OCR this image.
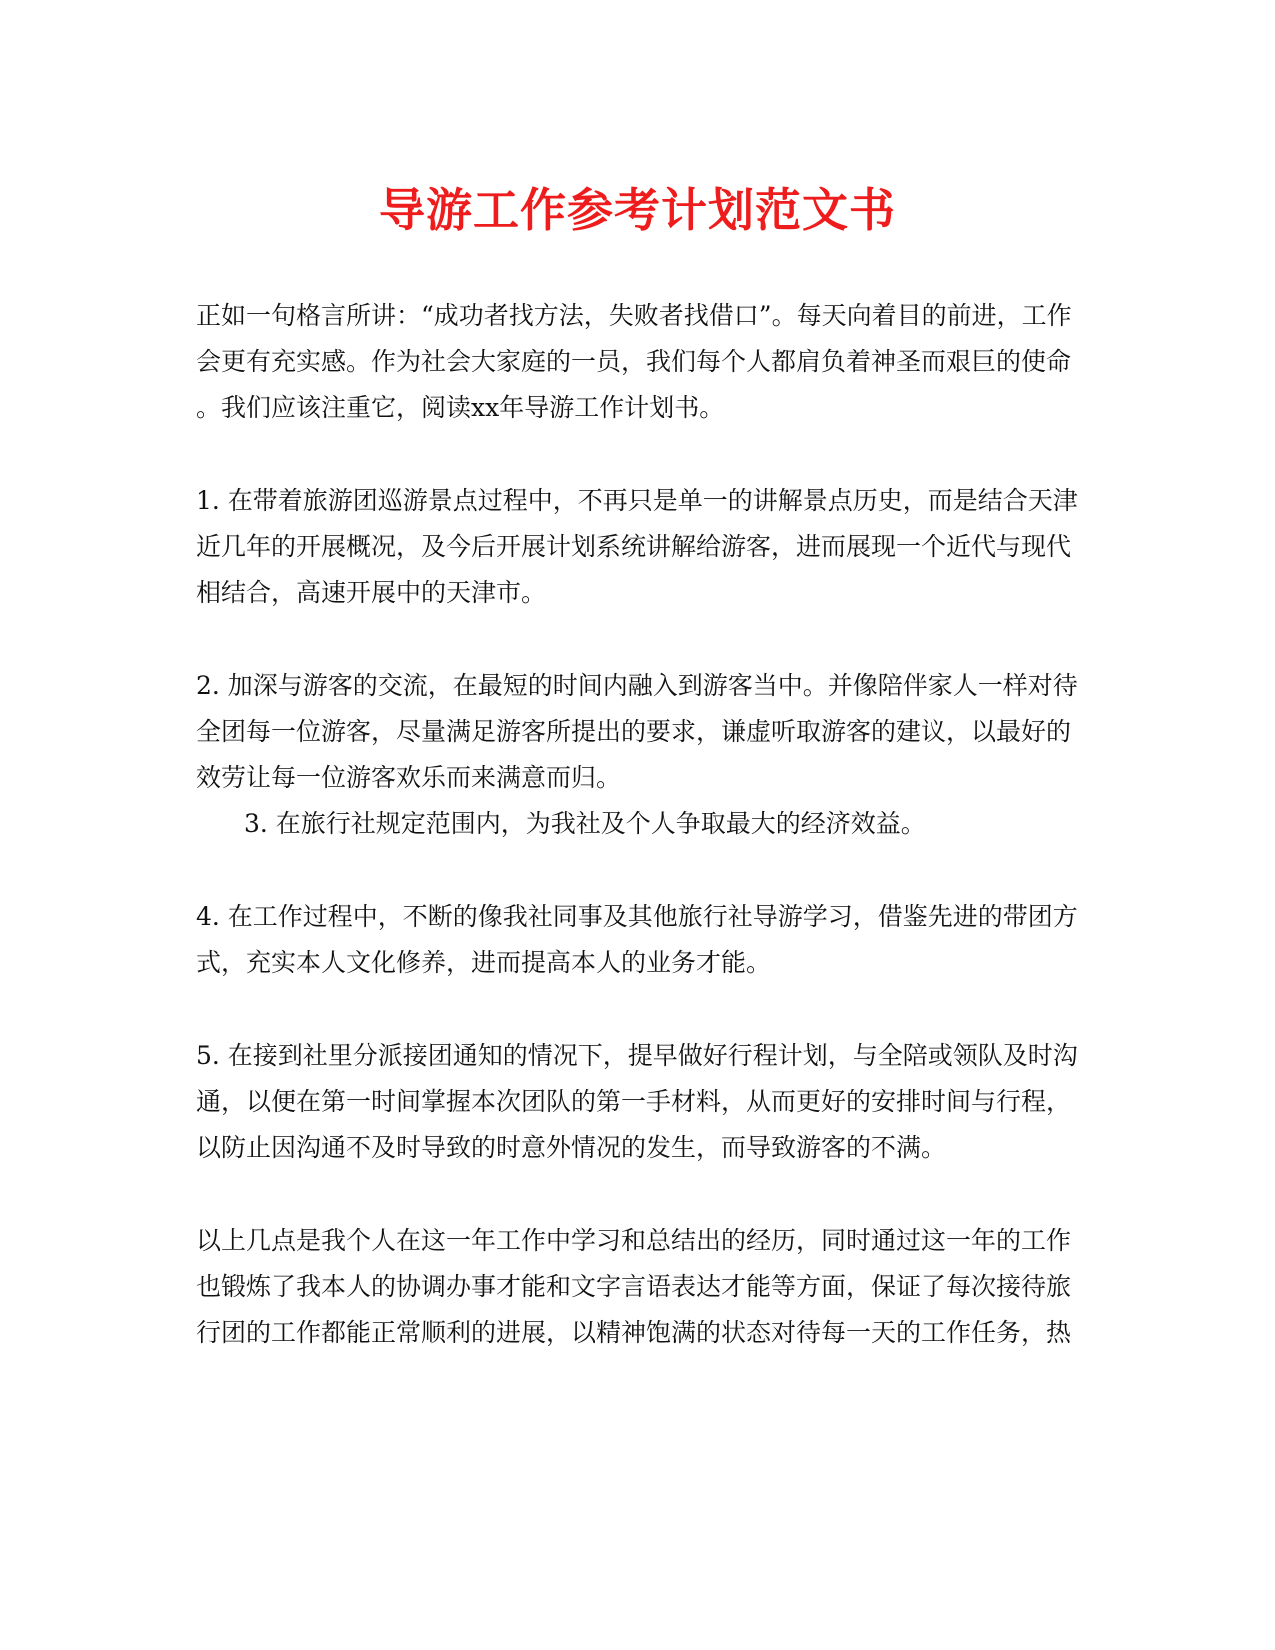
导游工作参考计划范文书

正如一句格言所讲：“成功者找方法，失败者找借口”。每天向着目的前进，工作

会更有充实感。作为社会大家庭的一员，我们每个人都肩负着神圣而艰巨的使命

。我们应该注重它，阅读xx年导游工作计划书。

1. 在带着旅游团巡游景点过程中，不再只是单一的讲解景点历史，而是结合天津

近几年的开展概况，及今后开展计划系统讲解给游客，进而展现一个近代与现代

相结合，高速开展中的天津市。

2. 加深与游客的交流，在最短的时间内融入到游客当中。并像陪伴家人一样对待

全团每一位游客，尽量满足游客所提出的要求，谦虚听取游客的建议，以最好的

效劳让每一位游客欢乐而来满意而归。

3. 在旅行社规定范围内，为我社及个人争取最大的经济效益。

4. 在工作过程中，不断的像我社同事及其他旅行社导游学习，借鉴先进的带团方

式，充实本人文化修养，进而提高本人的业务才能。

5. 在接到社里分派接团通知的情况下，提早做好行程计划，与全陪或领队及时沟

通，以便在第一时间掌握本次团队的第一手材料，从而更好的安排时间与行程，

以防止因沟通不及时导致的时意外情况的发生，而导致游客的不满。

以上几点是我个人在这一年工作中学习和总结出的经历，同时通过这一年的工作

也锻炼了我本人的协调办事才能和文字言语表达才能等方面，保证了每次接待旅

行团的工作都能正常顺利的进展，以精神饱满的状态对待每一天的工作任务，热
